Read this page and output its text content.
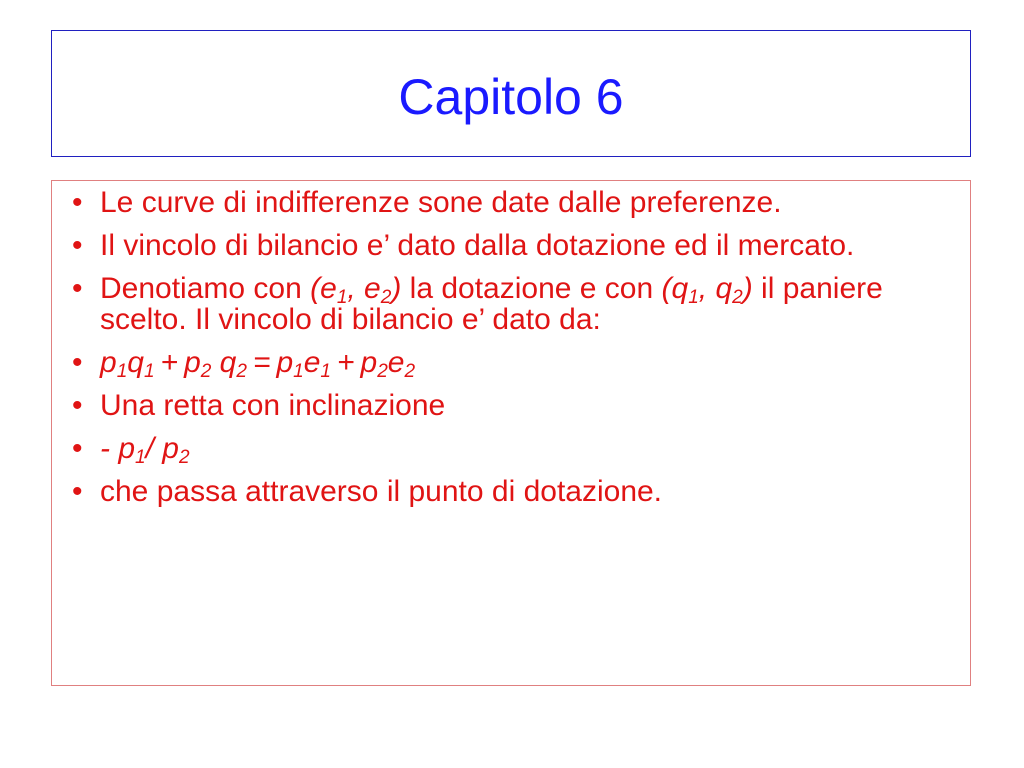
Capitolo 6
• Le curve di indifferenze sone date dalle preferenze.
• Il vincolo di bilancio e’ dato dalla dotazione ed il mercato.
• Denotiamo con ($e_1$, $e_2$) la dotazione e con ($q_1$, $q_2$) il paniere scelto. Il vincolo di bilancio e’ dato da:
• $p_1q_1 + p_2$ $q_2 = p_1e_1 + p_2e_2$
• Una retta con inclinazione
• - $p_1/$ $p_2$
• che passa attraverso il punto di dotazione.
